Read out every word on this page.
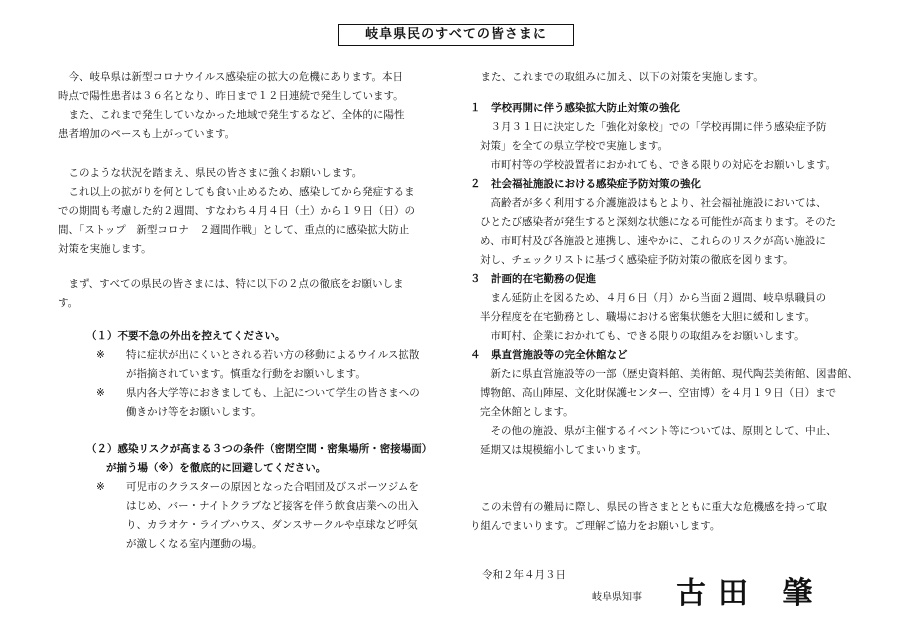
岐阜県民のすべての皆さまに

　今、岐阜県は新型コロナウイルス感染症の拡大の危機にあります。本日

時点で陽性患者は３６名となり、昨日まで１２日連続で発生しています。

　また、これまで発生していなかった地域で発生するなど、全体的に陽性

患者増加のペースも上がっています。

　このような状況を踏まえ、県民の皆さまに強くお願いします。

　これ以上の拡がりを何としても食い止めるため、感染してから発症するま

での期間も考慮した約２週間、すなわち４月４日（土）から１９日（日）の

間、「ストップ　新型コロナ　２週間作戦」として、重点的に感染拡大防止

対策を実施します。

　まず、すべての県民の皆さまには、特に以下の２点の徹底をお願いしま

す。

（１）不要不急の外出を控えてください。
※ 特に症状が出にくいとされる若い方の移動によるウイルス拡散
が指摘されています。慎重な行動をお願いします。
※ 県内各大学等におきましても、上記について学生の皆さまへの
働きかけ等をお願いします。
（２）感染リスクが高まる３つの条件（密閉空間・密集場所・密接場面）
が揃う場（※）を徹底的に回避してください。
※ 可児市のクラスターの原因となった合唱団及びスポーツジムを
はじめ、バー・ナイトクラブなど接客を伴う飲食店業への出入
り、カラオケ・ライブハウス、ダンスサークルや卓球など呼気
が激しくなる室内運動の場。

　また、これまでの取組みに加え、以下の対策を実施します。

１　学校再開に伴う感染拡大防止対策の強化
　３月３１日に決定した「強化対象校」での「学校再開に伴う感染症予防
対策」を全ての県立学校で実施します。
　市町村等の学校設置者におかれても、できる限りの対応をお願いします。
２　社会福祉施設における感染症予防対策の強化
　高齢者が多く利用する介護施設はもとより、社会福祉施設においては、
ひとたび感染者が発生すると深刻な状態になる可能性が高まります。そのた
め、市町村及び各施設と連携し、速やかに、これらのリスクが高い施設に
対し、チェックリストに基づく感染症予防対策の徹底を図ります。
３　計画的在宅勤務の促進
　まん延防止を図るため、４月６日（月）から当面２週間、岐阜県職員の
半分程度を在宅勤務とし、職場における密集状態を大胆に緩和します。
　市町村、企業におかれても、できる限りの取組みをお願いします。
４　県直営施設等の完全休館など
　新たに県直営施設等の一部（歴史資料館、美術館、現代陶芸美術館、図書館、
博物館、高山陣屋、文化財保護センター、空宙博）を４月１９日（日）まで
完全休館とします。
　その他の施設、県が主催するイベント等については、原則として、中止、
延期又は規模縮小してまいります。

　この未曾有の難局に際し、県民の皆さまとともに重大な危機感を持って取

り組んでまいります。ご理解ご協力をお願いします。

令和２年４月３日
岐阜県知事 古田 肇
